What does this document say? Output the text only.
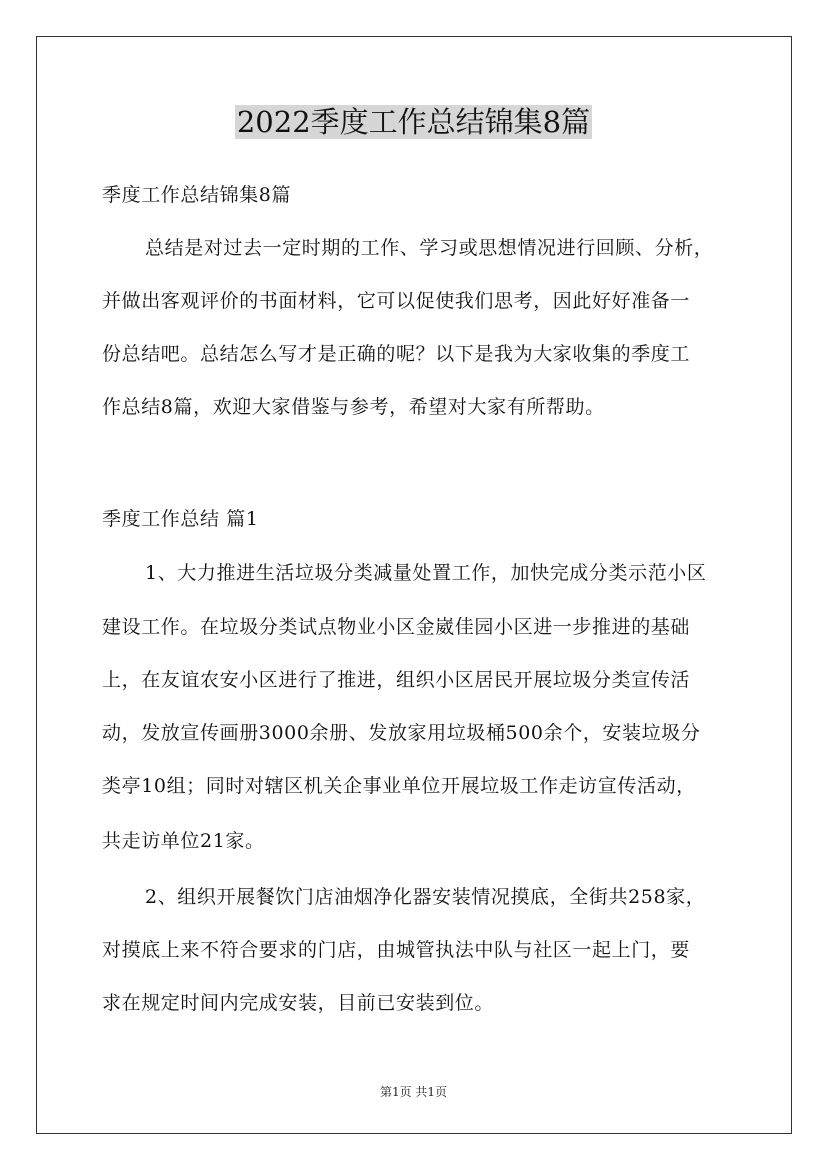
2022季度工作总结锦集8篇
季度工作总结锦集8篇
总结是对过去一定时期的工作、学习或思想情况进行回顾、分析，
并做出客观评价的书面材料，它可以促使我们思考，因此好好准备一
份总结吧。总结怎么写才是正确的呢？以下是我为大家收集的季度工
作总结8篇，欢迎大家借鉴与参考，希望对大家有所帮助。
季度工作总结 篇1
1、大力推进生活垃圾分类减量处置工作，加快完成分类示范小区
建设工作。在垃圾分类试点物业小区金崴佳园小区进一步推进的基础
上，在友谊农安小区进行了推进，组织小区居民开展垃圾分类宣传活
动，发放宣传画册3000余册、发放家用垃圾桶500余个，安装垃圾分
类亭10组；同时对辖区机关企事业单位开展垃圾工作走访宣传活动，
共走访单位21家。
2、组织开展餐饮门店油烟净化器安装情况摸底，全街共258家，
对摸底上来不符合要求的门店，由城管执法中队与社区一起上门，要
求在规定时间内完成安装，目前已安装到位。
第1页 共1页
